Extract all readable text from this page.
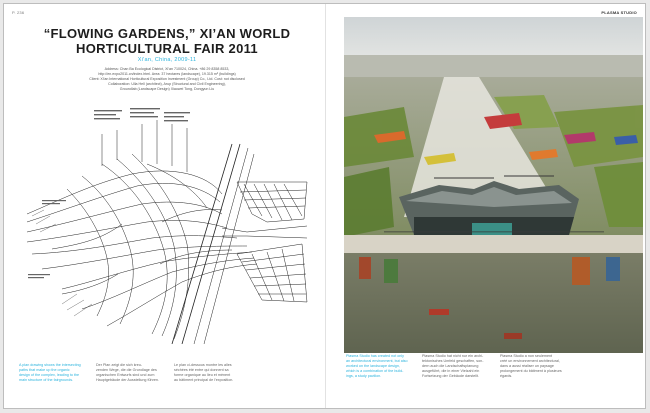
P. 236
“FLOWING GARDENS,” XI’AN WORLD
HORTICULTURAL FAIR 2011
Xi'an, China, 2009-11
Address: Chan Ba Ecological District, Xi'an 710024, China. +86 29 8358 8533,
http://en.expo2011.cn/index.html. Area: 37 hectares (landscape), 19.315 m² (buildings)
Client: Xi'an International Horticultural Exposition Investment (Group) Co., Ltd. Cost: not disclosed
Collaboration: Ulla Hell (architect), Arup (Structural and Civil Engineering),
Groundlab (Landscape Design) Xiaowei Tong, Dongyun Liu
A plan drawing shows the intersecting
paths that make up the organic
design of the complex, leading to the
main structure of the fairgrounds.
Der Plan zeigt die sich kreu-
zenden Wege, die die Grundlage des
organischen Entwurfs sind und zum
Hauptgebäude der Ausstellung führen.
Le plan ci-dessous montre les alles
séchées été entre qui donnent sa
forme organique au lieu et mènent
au bâtiment principal de l'exposition.
PLASMA STUDIO
Plasma Studio has created not only
an architectural environment, but also
worked on the landscape design,
which is a combination of the build-
ings, a study pavilion.
Plasma Studio hat nicht nur ein archi-
tektonisches Umfeld geschaffen, son-
dern auch die Landschaftsplanung
ausgeführt, die in einer Vielzahl ein
Fortsetzung der Gebäude darstellt.
Plasma Studio a non seulement
créé un environnement architectural,
dans a aussi réaliser un paysage
prolongement du bâtiment à plusieurs
égards.
